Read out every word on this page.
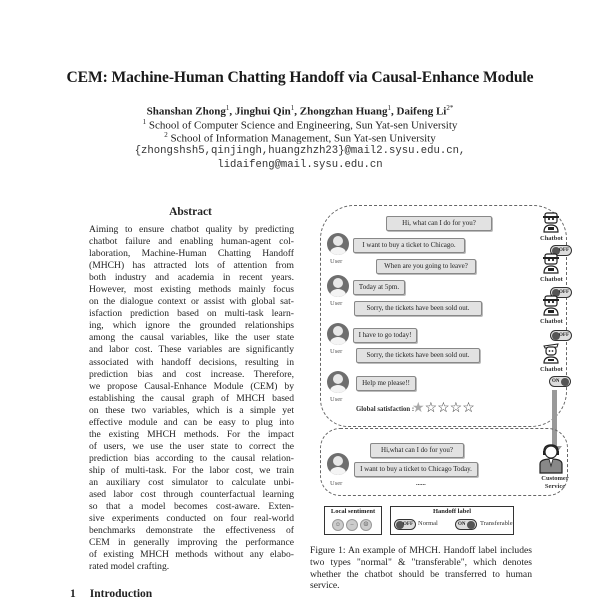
CEM: Machine-Human Chatting Handoff via Causal-Enhance Module
Shanshan Zhong$^1$, Jinghui Qin$^1$, Zhongzhan Huang$^1$, Daifeng $Li^{2*}$
$^1$ School of Computer Science and Engineering, Sun Yat-sen University
$^2$ School of Information Management, Sun Yat-sen University
{zhongshsh5,qinjingh,huangzhzh23}@mail2.sysu.edu.cn,
lidaifeng@mail.sysu.edu.cn
Abstract
Aiming to ensure chatbot quality by predicting
chatbot failure and enabling human-agent col-
laboration, Machine-Human Chatting Handoff
(MHCH) has attracted lots of attention from
both industry and academia in recent years.
However, most existing methods mainly focus
on the dialogue context or assist with global sat-
isfaction prediction based on multi-task learn-
ing, which ignore the grounded relationships
among the causal variables, like the user state
and labor cost. These variables are significantly
associated with handoff decisions, resulting in
prediction bias and cost increase. Therefore,
we propose Causal-Enhance Module (CEM) by
establishing the causal graph of MHCH based
on these two variables, which is a simple yet
effective module and can be easy to plug into
the existing MHCH methods. For the impact
of users, we use the user state to correct the
prediction bias according to the causal relation-
ship of multi-task. For the labor cost, we train
an auxiliary cost simulator to calculate unbi-
ased labor cost through counterfactual learning
so that a model becomes cost-aware. Exten-
sive experiments conducted on four real-world
benchmarks demonstrate the effectiveness of
CEM in generally improving the performance
of existing MHCH methods without any elabo-
rated model crafting.
1 Introduction
Chatbot
Hi, what can I do for you?
User
I want to buy a ticket to Chicago.
OFF
Chatbot
When are you going to leave?
User
Today at 5pm.
OFF
Chatbot
Sorry, the tickets have been sold out.
User
I have to go today!	OFF
Chatbot
Sorry, the tickets have been sold out.
User
Help me please!!	ON
Global satisfaction :
★☆☆☆☆
Hi,what can I do for you?
User
I want to buy a ticket to Chicago Today.
......
Customer
Service
Local sentiment
☺	–	☹
Handoff label
OFF Normal	ON Transferable
Figure 1: An example of MHCH. Handoff label includes
two types "normal" & "transferable", which denotes
whether the chatbot should be transferred to human
service.
